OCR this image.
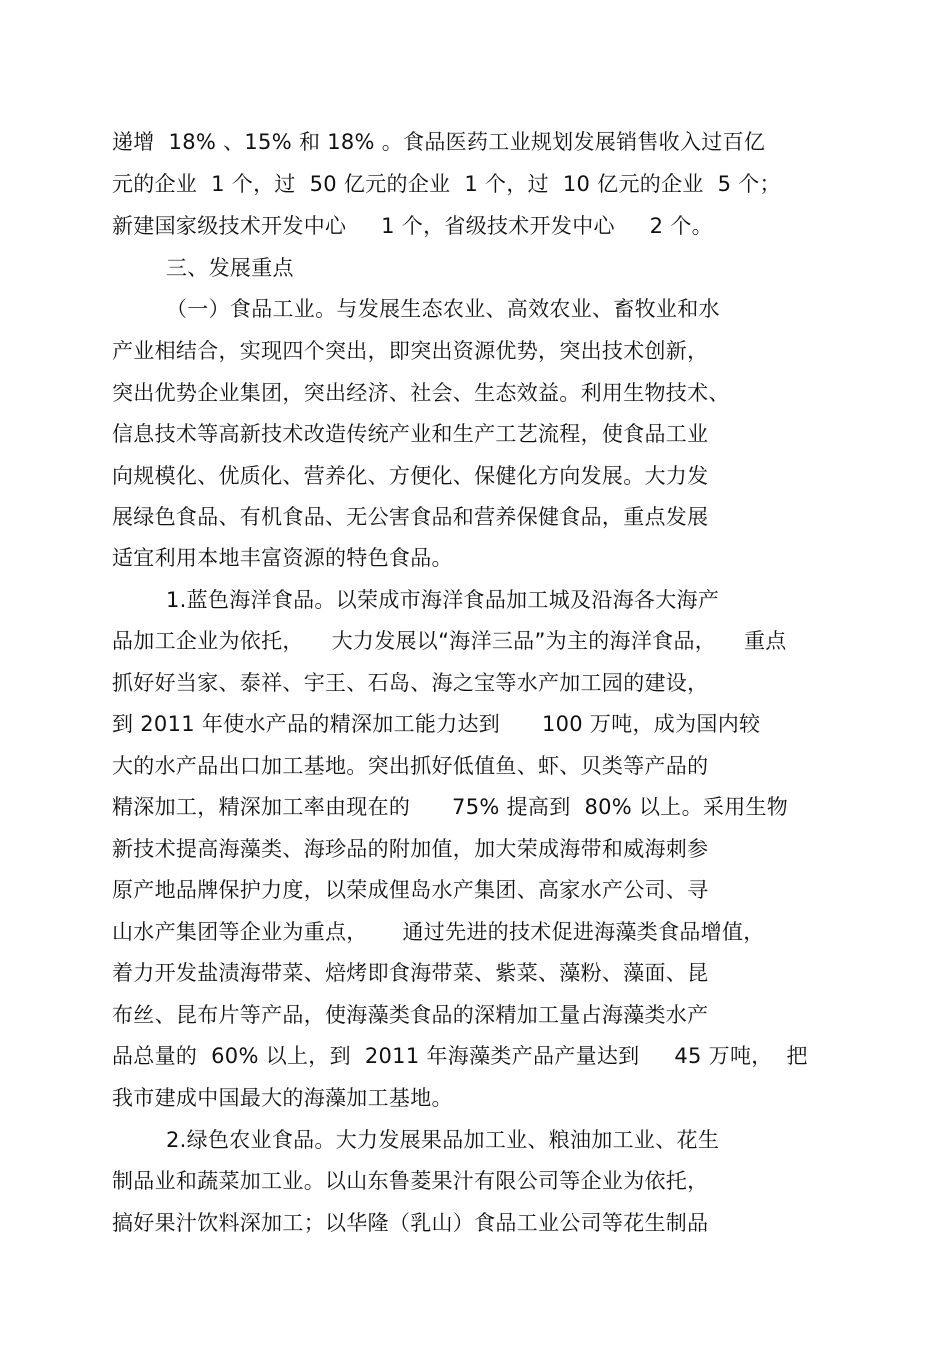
递增  18% 、15% 和 18% 。食品医药工业规划发展销售收入过百亿
元的企业  1 个，过  50 亿元的企业  1 个，过  10 亿元的企业  5 个；
新建国家级技术开发中心     1 个，省级技术开发中心     2 个。
三、发展重点
（一）食品工业。与发展生态农业、高效农业、畜牧业和水
产业相结合，实现四个突出，即突出资源优势，突出技术创新，
突出优势企业集团，突出经济、社会、生态效益。利用生物技术、
信息技术等高新技术改造传统产业和生产工艺流程，使食品工业
向规模化、优质化、营养化、方便化、保健化方向发展。大力发
展绿色食品、有机食品、无公害食品和营养保健食品，重点发展
适宜利用本地丰富资源的特色食品。
1.蓝色海洋食品。以荣成市海洋食品加工城及沿海各大海产
品加工企业为依托，    大力发展以“海洋三品”为主的海洋食品，    重点
抓好好当家、泰祥、宇王、石岛、海之宝等水产加工园的建设，
到 2011 年使水产品的精深加工能力达到      100 万吨，成为国内较
大的水产品出口加工基地。突出抓好低值鱼、虾、贝类等产品的
精深加工，精深加工率由现在的      75% 提高到  80% 以上。采用生物
新技术提高海藻类、海珍品的附加值，加大荣成海带和威海刺参
原产地品牌保护力度，以荣成俚岛水产集团、高家水产公司、寻
山水产集团等企业为重点，     通过先进的技术促进海藻类食品增值，
着力开发盐渍海带菜、焙烤即食海带菜、紫菜、藻粉、藻面、昆
布丝、昆布片等产品，使海藻类食品的深精加工量占海藻类水产
品总量的  60% 以上，到  2011 年海藻类产品产量达到     45 万吨，  把
我市建成中国最大的海藻加工基地。
2.绿色农业食品。大力发展果品加工业、粮油加工业、花生
制品业和蔬菜加工业。以山东鲁菱果汁有限公司等企业为依托，
搞好果汁饮料深加工；以华隆（乳山）食品工业公司等花生制品
